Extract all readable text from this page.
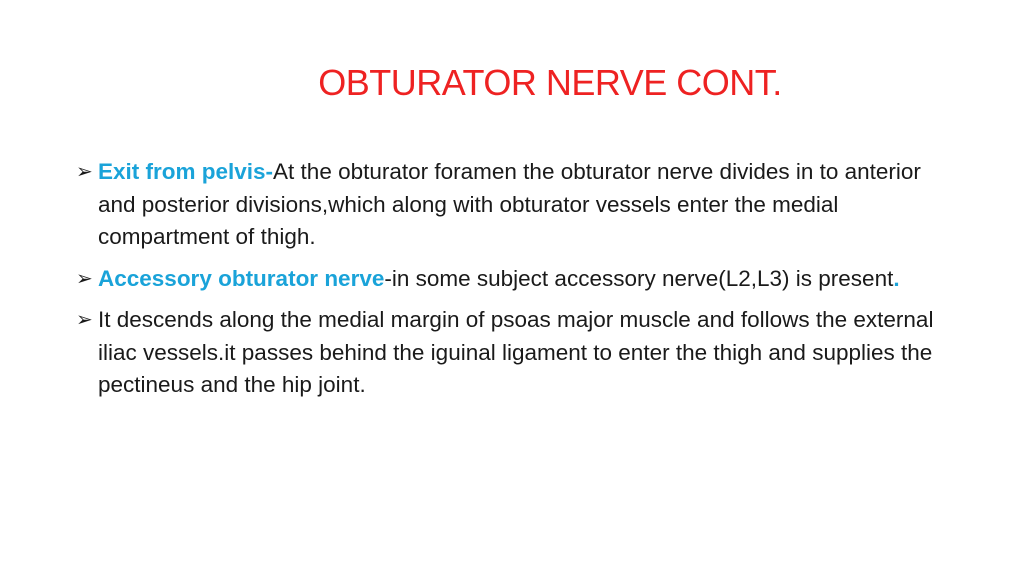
OBTURATOR NERVE CONT.
➢ Exit from pelvis-At the obturator foramen the obturator nerve divides in to anterior and posterior divisions,which along with obturator vessels enter the medial compartment of thigh.
➢ Accessory obturator nerve-in some subject accessory nerve(L2,L3) is present.
➢ It descends along the medial margin of psoas major muscle and follows the external iliac vessels.it passes behind the iguinal ligament to enter the thigh and supplies the pectineus and the hip joint.
